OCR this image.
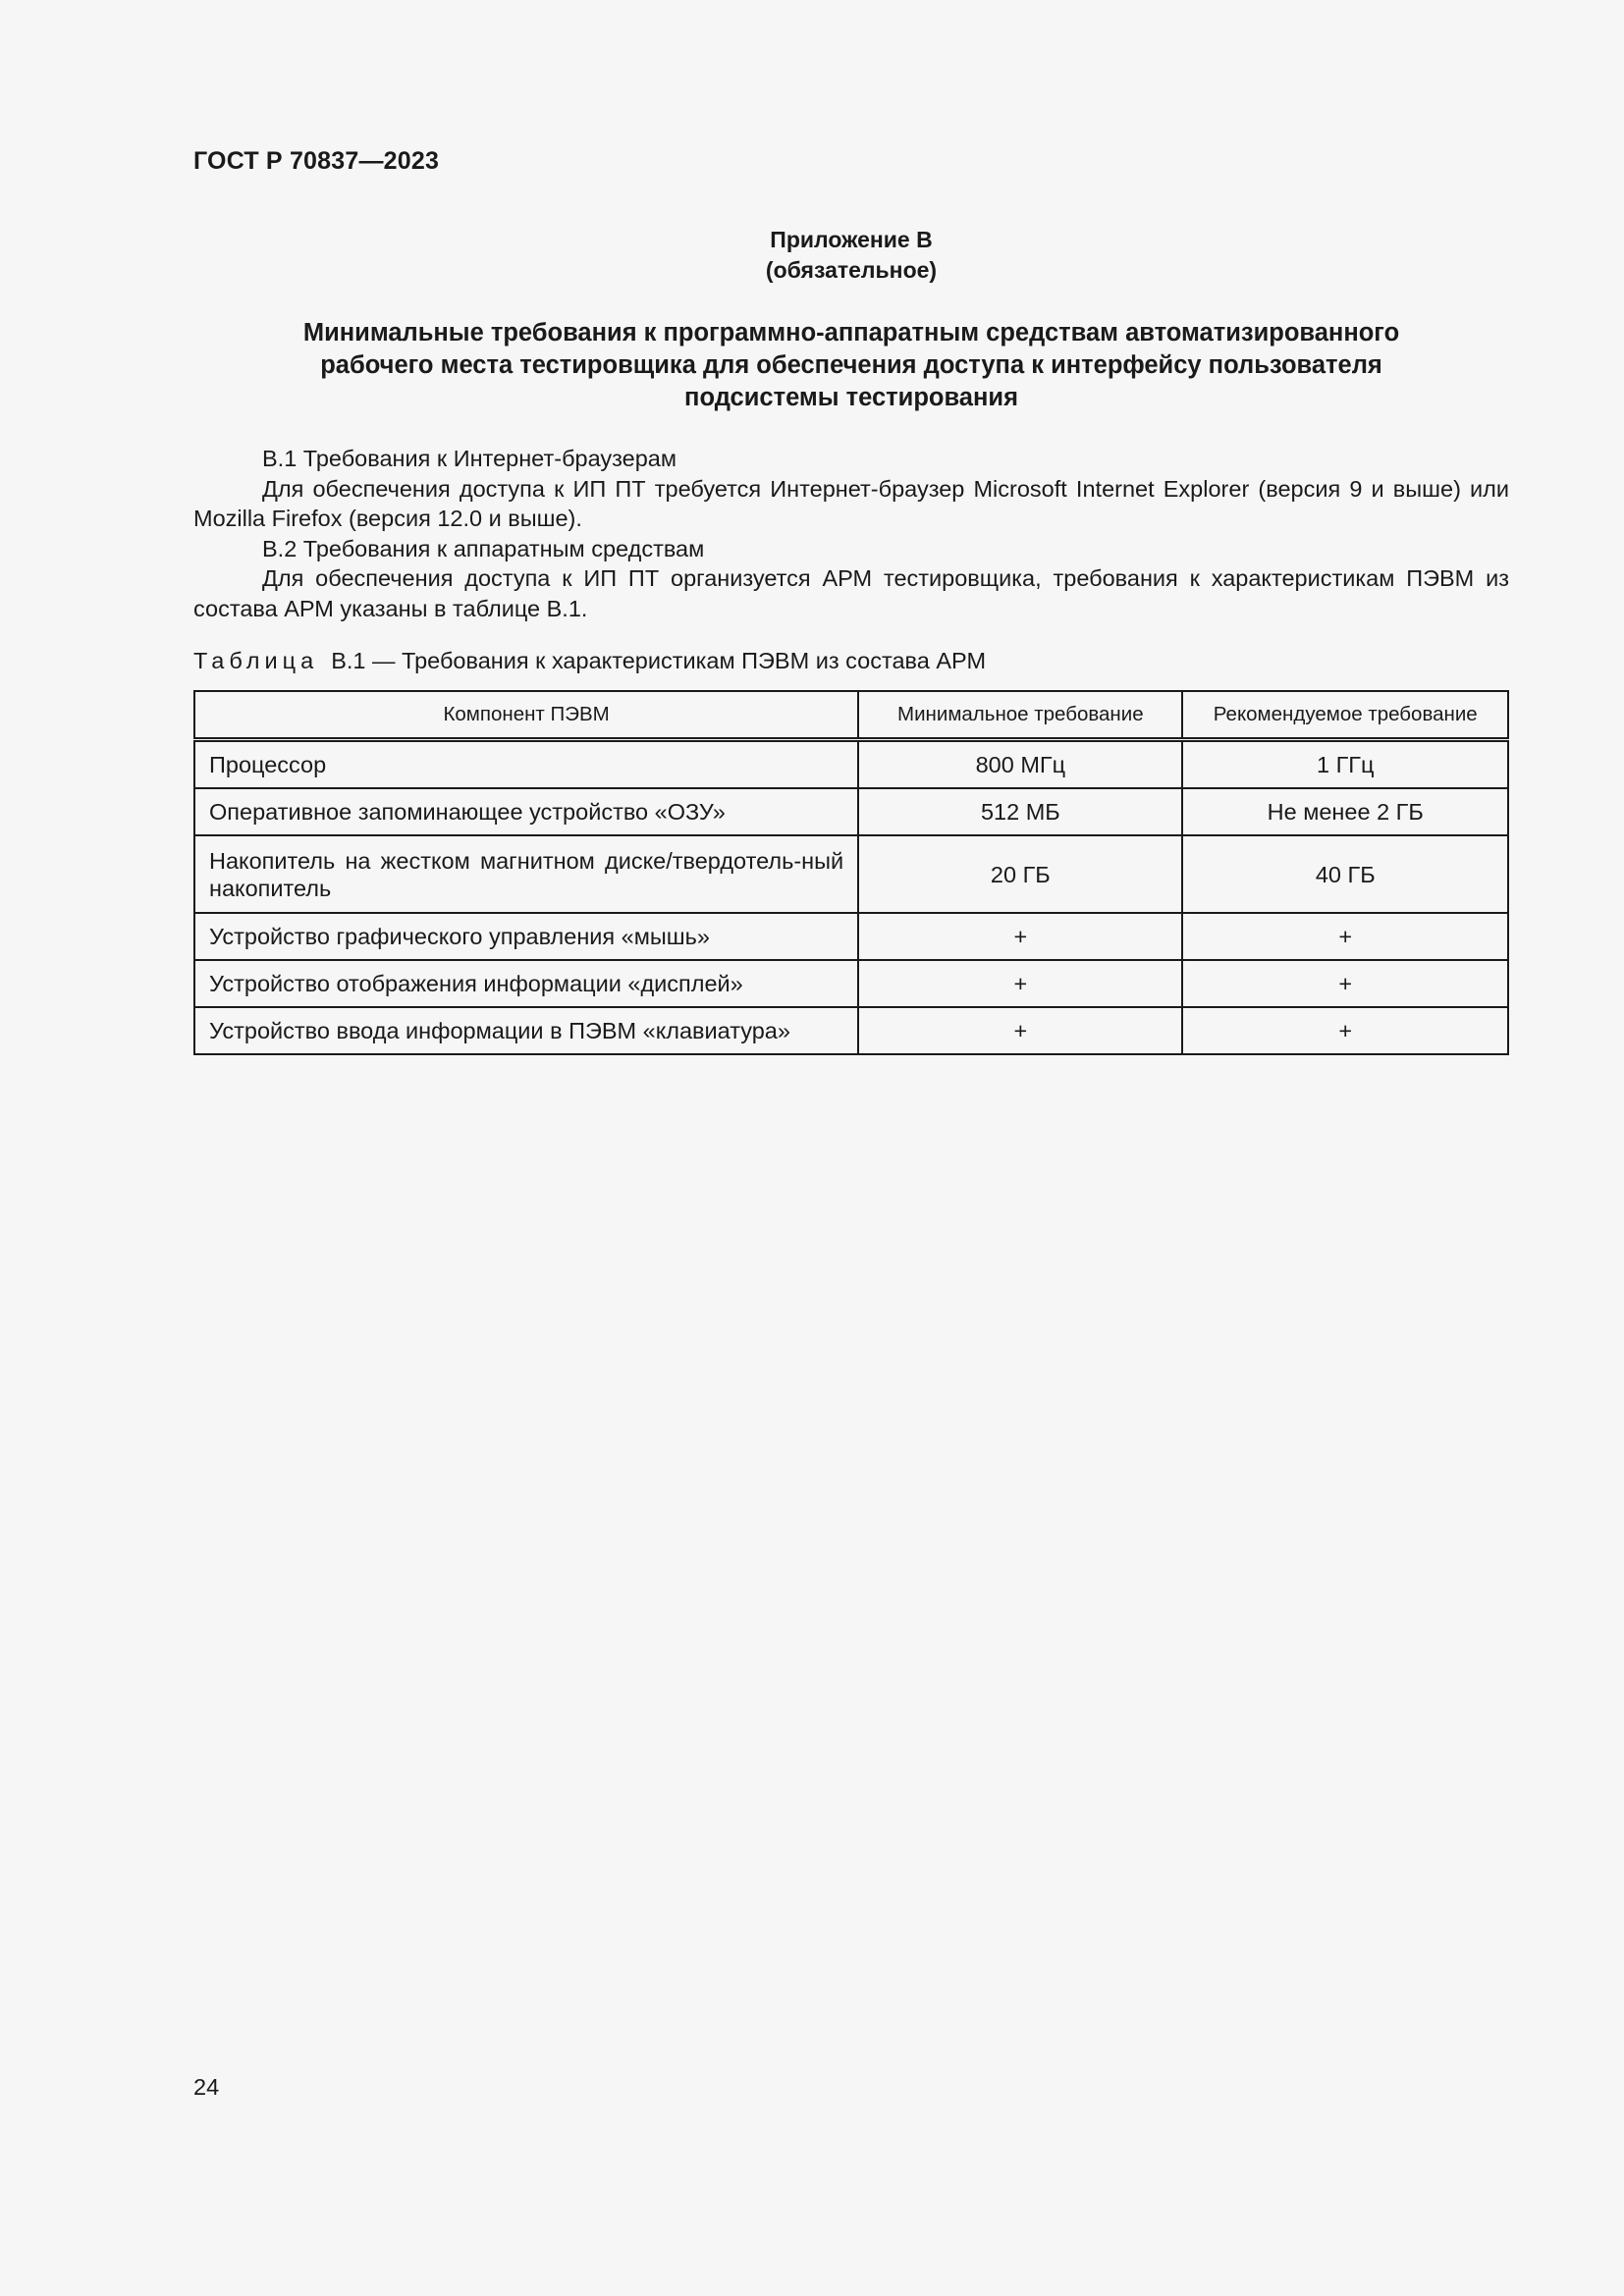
ГОСТ Р 70837—2023
Приложение В
(обязательное)
Минимальные требования к программно-аппаратным средствам автоматизированного
рабочего места тестировщика для обеспечения доступа к интерфейсу пользователя
подсистемы тестирования

В.1 Требования к Интернет-браузерам

Для обеспечения доступа к ИП ПТ требуется Интернет-браузер Microsoft Internet Explorer (версия 9 и выше) или Mozilla Firefox (версия 12.0 и выше).

В.2 Требования к аппаратным средствам

Для обеспечения доступа к ИП ПТ организуется АРМ тестировщика, требования к характеристикам ПЭВМ из состава АРМ указаны в таблице В.1.

Таблица В.1 — Требования к характеристикам ПЭВМ из состава АРМ
Компонент ПЭВМ	Минимальное требование	Рекомендуемое требование
Процессор	800 МГц	1 ГГц
Оперативное запоминающее устройство «ОЗУ»	512 МБ	Не менее 2 ГБ
Накопитель на жестком магнитном диске/твердотель-ный накопитель	20 ГБ	40 ГБ
Устройство графического управления «мышь»	+	+
Устройство отображения информации «дисплей»	+	+
Устройство ввода информации в ПЭВМ «клавиатура»	+	+
24
